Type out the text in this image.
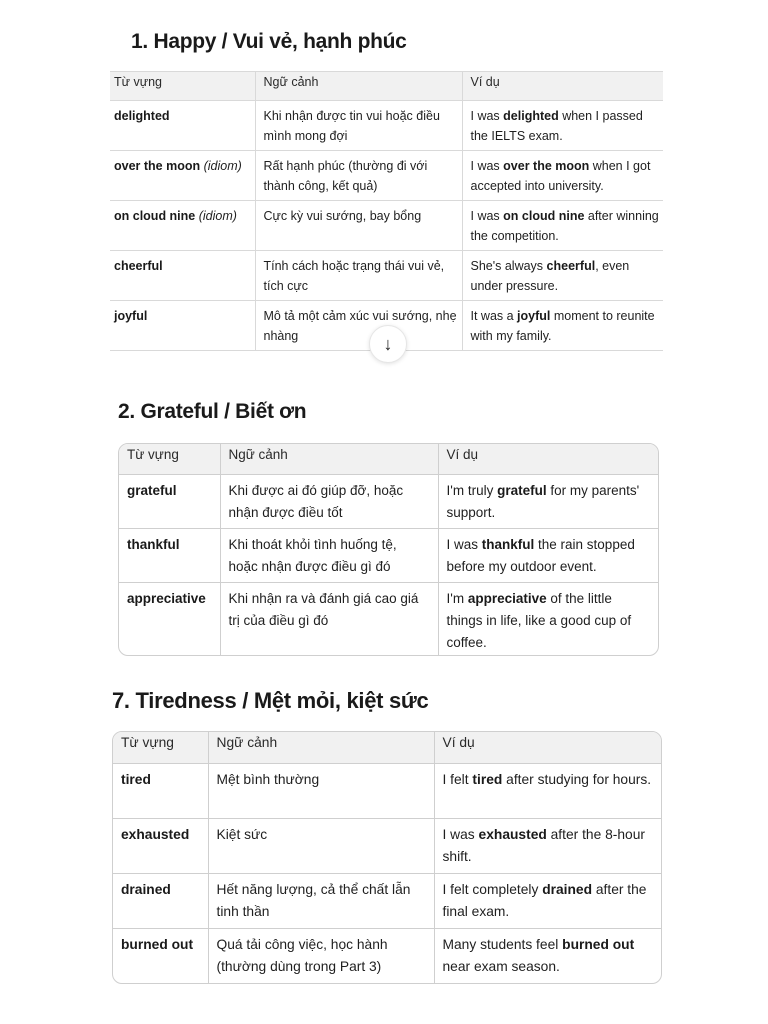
1. Happy / Vui vẻ, hạnh phúc
Từ vựng	Ngữ cảnh	Ví dụ
delighted	Khi nhận được tin vui hoặc điều mình mong đợi	I was delighted when I passed the IELTS exam.
over the moon (idiom)	Rất hạnh phúc (thường đi với thành công, kết quả)	I was over the moon when I got accepted into university.
on cloud nine (idiom)	Cực kỳ vui sướng, bay bổng	I was on cloud nine after winning the competition.
cheerful	Tính cách hoặc trạng thái vui vẻ, tích cực	She's always cheerful, even under pressure.
joyful	Mô tả một cảm xúc vui sướng, nhẹ nhàng	It was a joyful moment to reunite with my family.
↓
2. Grateful / Biết ơn
Từ vựng	Ngữ cảnh	Ví dụ
grateful	Khi được ai đó giúp đỡ, hoặc nhận được điều tốt	I'm truly grateful for my parents' support.
thankful	Khi thoát khỏi tình huống tệ, hoặc nhận được điều gì đó	I was thankful the rain stopped before my outdoor event.
appreciative	Khi nhận ra và đánh giá cao giá trị của điều gì đó	I'm appreciative of the little things in life, like a good cup of coffee.
7. Tiredness / Mệt mỏi, kiệt sức
Từ vựng	Ngữ cảnh	Ví dụ
tired	Mệt bình thường	I felt tired after studying for hours.
exhausted	Kiệt sức	I was exhausted after the 8-hour shift.
drained	Hết năng lượng, cả thể chất lẫn tinh thần	I felt completely drained after the final exam.
burned out	Quá tải công việc, học hành (thường dùng trong Part 3)	Many students feel burned out near exam season.
